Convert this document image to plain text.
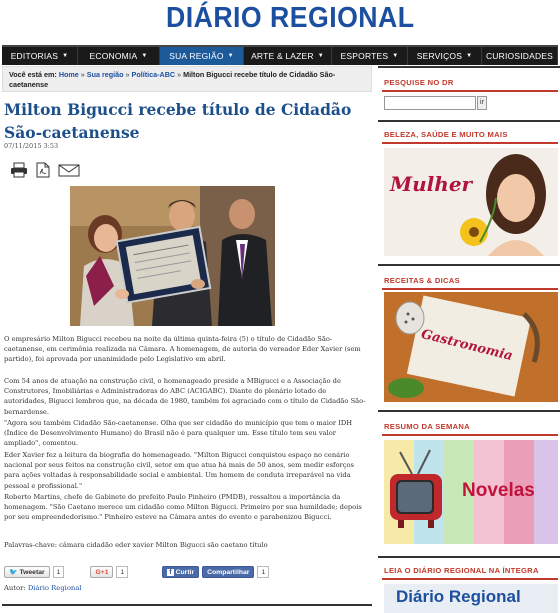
DIÁRIO REGIONAL
EDITORIAS ▼ ECONOMIA ▼	SUA REGIÃO ▼ ARTE & LAZER ▼ ESPORTES ▼ SERVIÇOS ▼ CURIOSIDADES
Você está em: Home » Sua região » Política-ABC » Milton Bigucci recebe título de Cidadão São-caetanense
Milton Bigucci recebe título de Cidadão São-caetanense
07/11/2015 3:53

O empresário Milton Bigucci recebeu na noite da última quinta-feira (5) o título de Cidadão São-caetanense, em cerimônia realizada na Câmara. A homenagem, de autoria do vereador Eder Xavier (sem partido), foi aprovada por unanimidade pelo Legislativo em abril.

Com 54 anos de atuação na construção civil, o homenageado preside a MBigucci e a Associação de Construtores, Imobiliárias e Administradoras do ABC (ACIGABC). Diante do plenário lotado de autoridades, Bigucci lembrou que, na década de 1980, também foi agraciado com o título de Cidadão São-bernardense.

"Agora sou também Cidadão São-caetanense. Olha que ser cidadão do município que tem o maior IDH (Índice de Desenvolvimento Humano) do Brasil não é para qualquer um. Esse título tem seu valor ampliado", comentou.

Eder Xavier fez a leitura da biografia do homenageado. "Milton Bigucci conquistou espaço no cenário nacional por seus feitos na construção civil, setor em que atua há mais de 50 anos, sem medir esforços para ações voltadas à responsabilidade social e ambiental. Um homem de conduta irreparável na vida pessoal e profissional."

Roberto Martins, chefe de Gabinete do prefeito Paulo Pinheiro (PMDB), ressaltou a importância da homenagem. "São Caetano merece um cidadão como Milton Bigucci. Primeiro por sua humildade; depois por seu empreendedorismo." Pinheiro esteve na Câmara antes do evento e parabenizou Bigucci.

Palavras-chave: câmara cidadão eder xavier Milton Bigucci são caetano título

🐦 Tweetar	1	G+1	1	f Curtir Compartilhar	1
Autor: Diário Regional
PESQUISE NO DR
ir
BELEZA, SAÚDE E MUITO MAIS
Mulher
RECEITAS & DICAS
Gastronomia
RESUMO DA SEMANA
Novelas
LEIA O DIÁRIO REGIONAL NA ÍNTEGRA
Diário Regional
